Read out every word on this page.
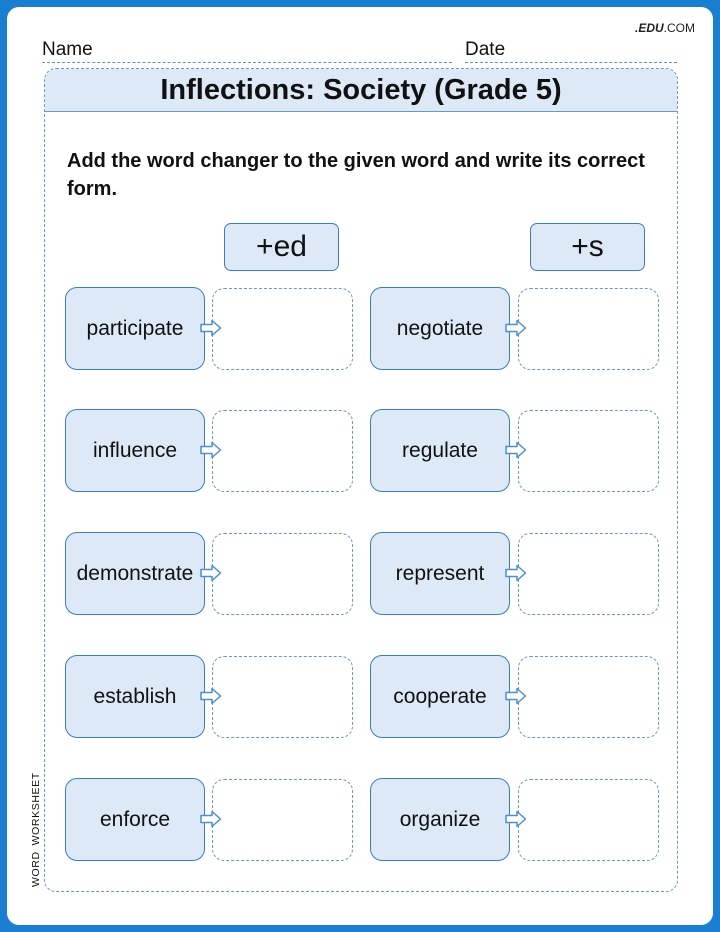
.EDU.COM
Name	Date
Inflections: Society (Grade 5)
Add the word changer to the given word and write its correct form.
+ed	+s
participate
influence
demonstrate
establish
enforce
negotiate
regulate
represent
cooperate
organize
WORDWORKSHEET
